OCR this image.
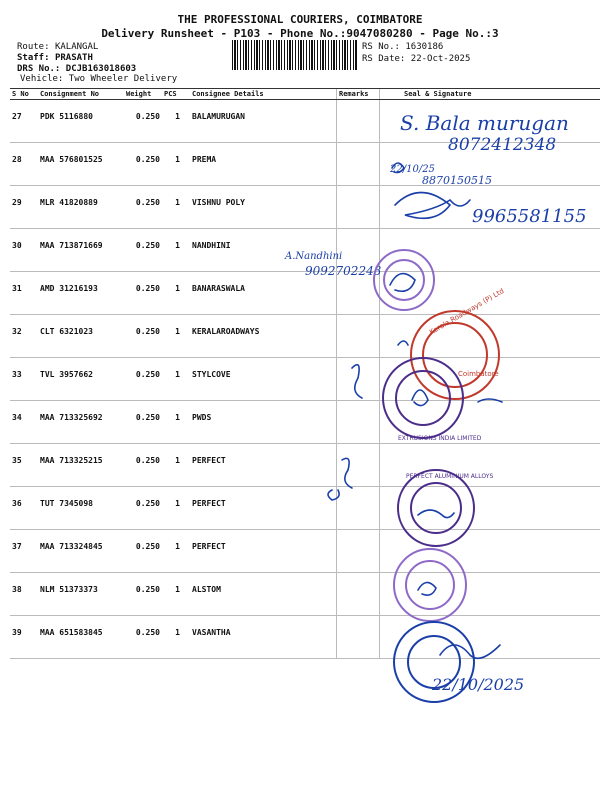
THE PROFESSIONAL COURIERS, COIMBATORE
Delivery Runsheet - P103 - Phone No.:9047080280 - Page No.:3
Route: KALANGAL
Staff: PRASATH
DRS No.: DCJB163018603
Vehicle: Two Wheeler Delivery
RS No.: 1630186
RS Date: 22-Oct-2025
S No	Consignment No	Weight	PCS	Consignee Details	Remarks	Seal & Signature
27	PDK 5116880	0.250	1	BALAMURUGAN		
28	MAA 576801525	0.250	1	PREMA		
29	MLR 41820889	0.250	1	VISHNU POLY		
30	MAA 713871669	0.250	1	NANDHINI		
31	AMD 31216193	0.250	1	BANARASWALA		
32	CLT 6321023	0.250	1	KERALAROADWAYS		
33	TVL 3957662	0.250	1	STYLCOVE		
34	MAA 713325692	0.250	1	PWDS		
35	MAA 713325215	0.250	1	PERFECT		
36	TUT 7345098	0.250	1	PERFECT		
37	MAA 713324845	0.250	1	PERFECT		
38	NLM 51373373	0.250	1	ALSTOM		
39	MAA 651583845	0.250	1	VASANTHA		
S. Bala murugan
8072412348
22/10/25
8870150515
9965581155
A.Nandhini
9092702243
Kerala Roadways (P) Ltd
Coimbatore
EXTRUSIONS INDIA LIMITED
PERFECT ALUMINIUM ALLOYS
22/10/2025
